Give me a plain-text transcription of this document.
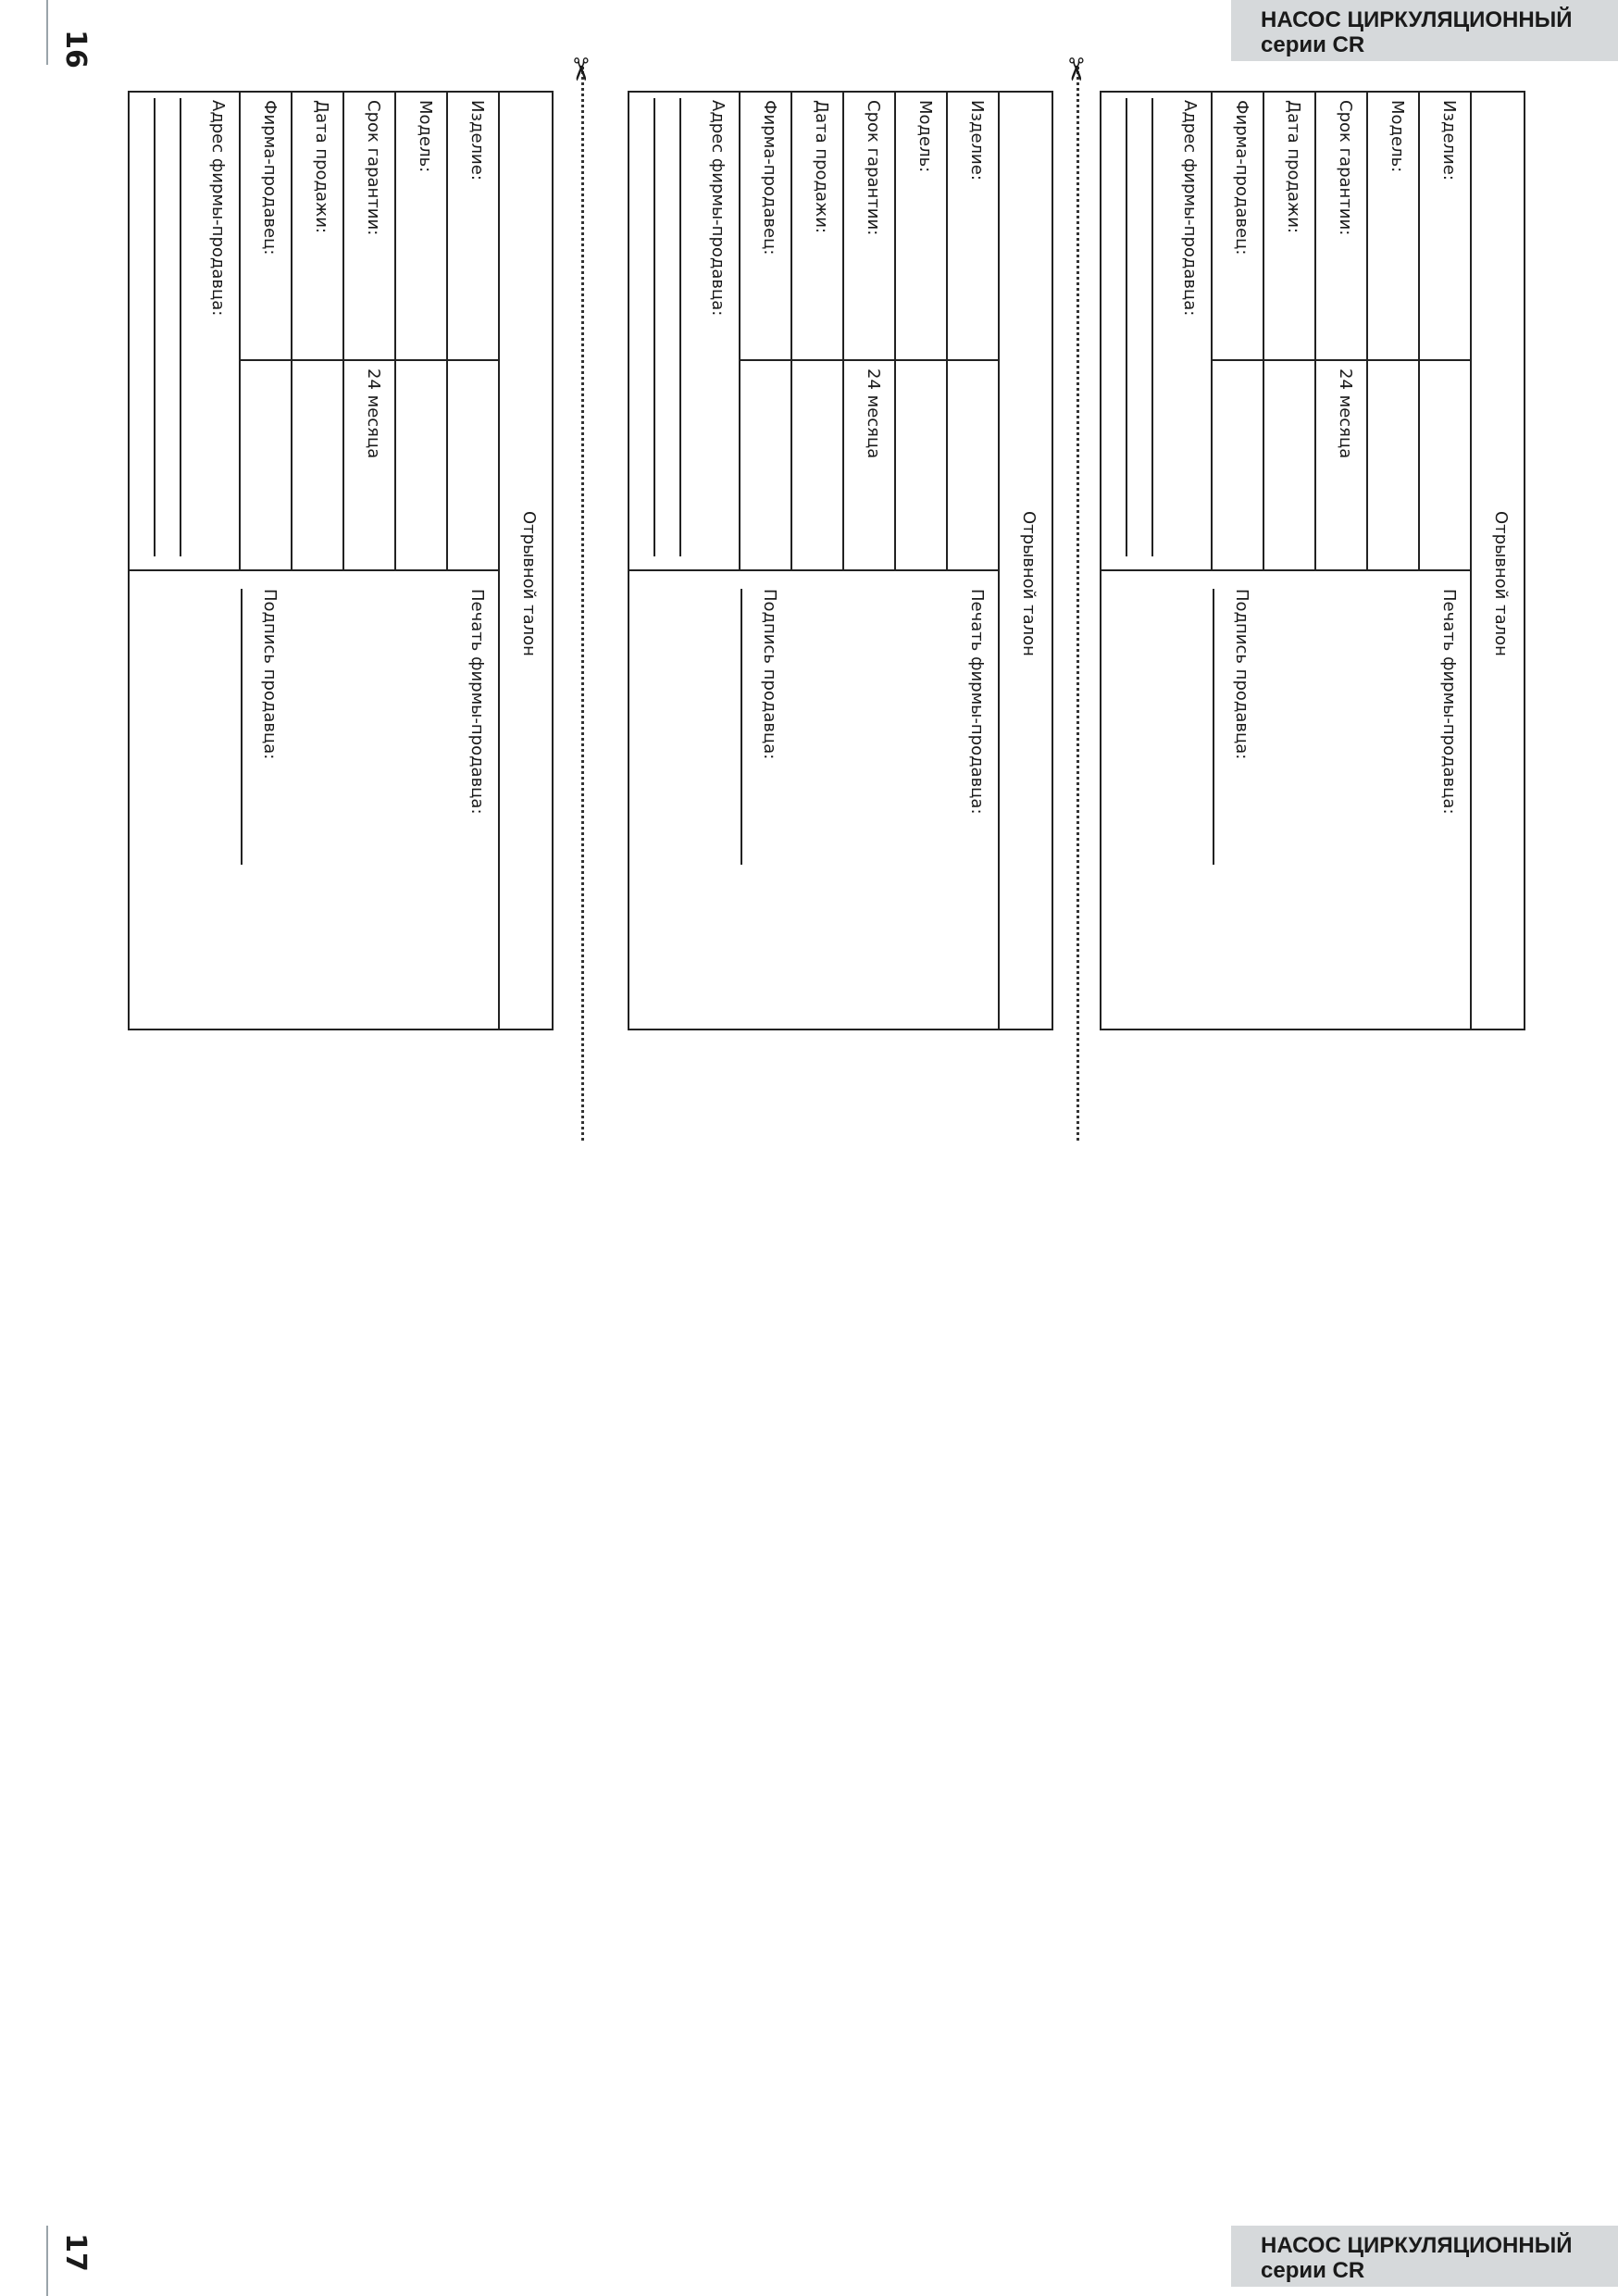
16
17
НАСОС ЦИРКУЛЯЦИОННЫЙ
серии CR
НАСОС ЦИРКУЛЯЦИОННЫЙ
серии CR
Изделие:
Модель:
Срок гарантии:
24 месяца
Дата продажи:
Фирма-продавец:
Адрес фирмы-продавца:
Отрывной талон
Печать фирмы-продавца:
Подпись продавца:
Изделие:
Модель:
Срок гарантии:
24 месяца
Дата продажи:
Фирма-продавец:
Адрес фирмы-продавца:
Отрывной талон
Печать фирмы-продавца:
Подпись продавца:
Изделие:
Модель:
Срок гарантии:
24 месяца
Дата продажи:
Фирма-продавец:
Адрес фирмы-продавца:
Отрывной талон
Печать фирмы-продавца:
Подпись продавца:
✂
✂
